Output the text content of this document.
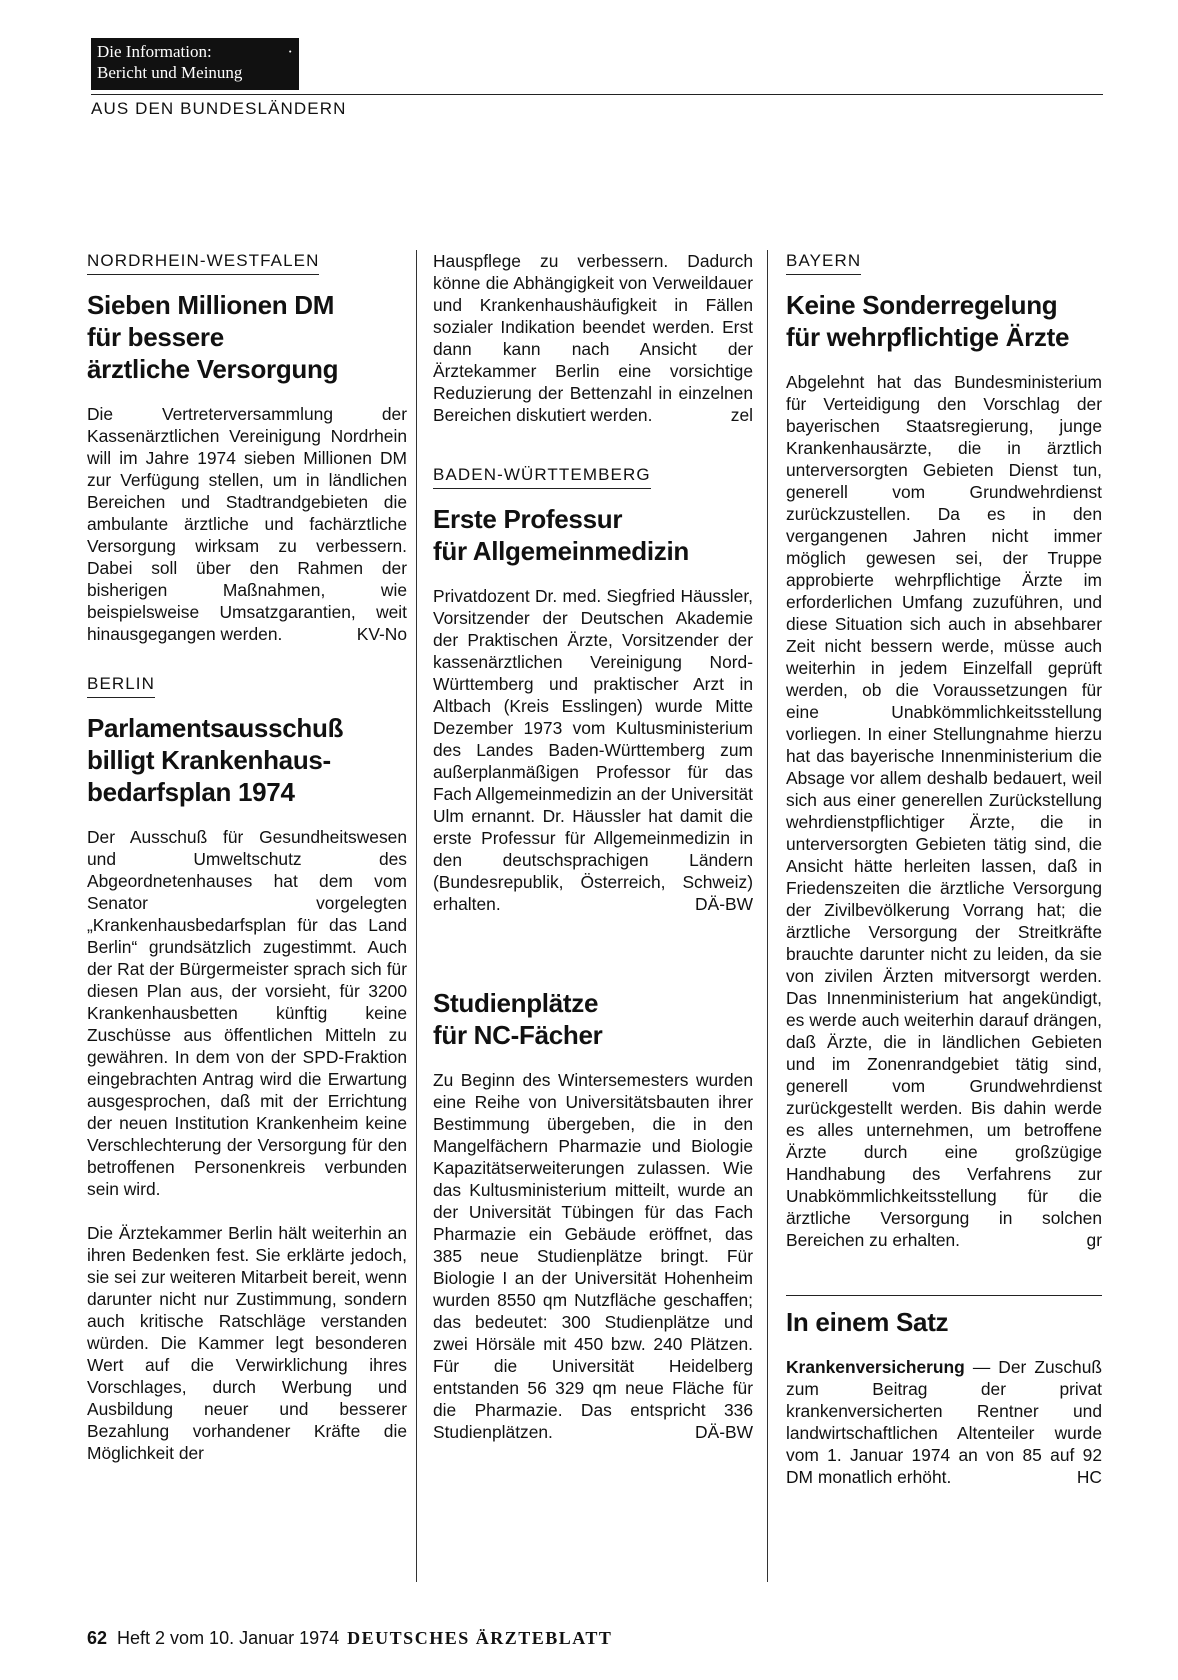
Die Information:	·
Bericht und Meinung
AUS DEN BUNDESLÄNDERN

NORDRHEIN-WESTFALEN

Sieben Millionen DM
für bessere
ärztliche Versorgung

Die Vertreterversammlung der Kassenärztlichen Vereinigung Nordrhein will im Jahre 1974 sieben Millionen DM zur Verfügung stellen, um in ländlichen Bereichen und Stadtrandgebieten die ambulante ärztliche und fachärztliche Versorgung wirksam zu verbessern. Dabei soll über den Rahmen der bisherigen Maßnahmen, wie beispielsweise Umsatzgarantien, weit hinausgegangen werden.	KV-No

BERLIN

Parlamentsausschuß
billigt Krankenhaus-
bedarfsplan 1974

Der Ausschuß für Gesundheitswesen und Umweltschutz des Abgeordnetenhauses hat dem vom Senator vorgelegten „Krankenhausbedarfsplan für das Land Berlin“ grundsätzlich zugestimmt. Auch der Rat der Bürgermeister sprach sich für diesen Plan aus, der vorsieht, für 3200 Krankenhausbetten künftig keine Zuschüsse aus öffentlichen Mitteln zu gewähren. In dem von der SPD-Fraktion eingebrachten Antrag wird die Erwartung ausgesprochen, daß mit der Errichtung der neuen Institution Krankenheim keine Verschlechterung der Versorgung für den betroffenen Personenkreis verbunden sein wird.

Die Ärztekammer Berlin hält weiterhin an ihren Bedenken fest. Sie erklärte jedoch, sie sei zur weiteren Mitarbeit bereit, wenn darunter nicht nur Zustimmung, sondern auch kritische Ratschläge verstanden würden. Die Kammer legt besonderen Wert auf die Verwirklichung ihres Vorschlages, durch Werbung und Ausbildung neuer und besserer Bezahlung vorhandener Kräfte die Möglichkeit der

Hauspflege zu verbessern. Dadurch könne die Abhängigkeit von Verweildauer und Krankenhaushäufigkeit in Fällen sozialer Indikation beendet werden. Erst dann kann nach Ansicht der Ärztekammer Berlin eine vorsichtige Reduzierung der Bettenzahl in einzelnen Bereichen diskutiert werden.	zel

BADEN-WÜRTTEMBERG

Erste Professur
für Allgemeinmedizin

Privatdozent Dr. med. Siegfried Häussler, Vorsitzender der Deutschen Akademie der Praktischen Ärzte, Vorsitzender der kassenärztlichen Vereinigung Nord-Württemberg und praktischer Arzt in Altbach (Kreis Esslingen) wurde Mitte Dezember 1973 vom Kultusministerium des Landes Baden-Württemberg zum außerplanmäßigen Professor für das Fach Allgemeinmedizin an der Universität Ulm ernannt. Dr. Häussler hat damit die erste Professur für Allgemeinmedizin in den deutschsprachigen Ländern (Bundesrepublik, Österreich, Schweiz) erhalten.	DÄ-BW

Studienplätze
für NC-Fächer

Zu Beginn des Wintersemesters wurden eine Reihe von Universitätsbauten ihrer Bestimmung übergeben, die in den Mangelfächern Pharmazie und Biologie Kapazitätserweiterungen zulassen. Wie das Kultusministerium mitteilt, wurde an der Universität Tübingen für das Fach Pharmazie ein Gebäude eröffnet, das 385 neue Studienplätze bringt. Für Biologie I an der Universität Hohenheim wurden 8550 qm Nutzfläche geschaffen; das bedeutet: 300 Studienplätze und zwei Hörsäle mit 450 bzw. 240 Plätzen. Für die Universität Heidelberg entstanden 56 329 qm neue Fläche für die Pharmazie. Das entspricht 336 Studienplätzen.	DÄ-BW

BAYERN

Keine Sonderregelung
für wehrpflichtige Ärzte

Abgelehnt hat das Bundesministerium für Verteidigung den Vorschlag der bayerischen Staatsregierung, junge Krankenhausärzte, die in ärztlich unterversorgten Gebieten Dienst tun, generell vom Grundwehrdienst zurückzustellen. Da es in den vergangenen Jahren nicht immer möglich gewesen sei, der Truppe approbierte wehrpflichtige Ärzte im erforderlichen Umfang zuzuführen, und diese Situation sich auch in absehbarer Zeit nicht bessern werde, müsse auch weiterhin in jedem Einzelfall geprüft werden, ob die Voraussetzungen für eine Unabkömmlichkeitsstellung vorliegen. In einer Stellungnahme hierzu hat das bayerische Innenministerium die Absage vor allem deshalb bedauert, weil sich aus einer generellen Zurückstellung wehrdienstpflichtiger Ärzte, die in unterversorgten Gebieten tätig sind, die Ansicht hätte herleiten lassen, daß in Friedenszeiten die ärztliche Versorgung der Zivilbevölkerung Vorrang hat; die ärztliche Versorgung der Streitkräfte brauchte darunter nicht zu leiden, da sie von zivilen Ärzten mitversorgt werden. Das Innenministerium hat angekündigt, es werde auch weiterhin darauf drängen, daß Ärzte, die in ländlichen Gebieten und im Zonenrandgebiet tätig sind, generell vom Grundwehrdienst zurückgestellt werden. Bis dahin werde es alles unternehmen, um betroffene Ärzte durch eine großzügige Handhabung des Verfahrens zur Unabkömmlichkeitsstellung für die ärztliche Versorgung in solchen Bereichen zu erhalten.	gr

In einem Satz

Krankenversicherung — Der Zuschuß zum Beitrag der privat krankenversicherten Rentner und landwirtschaftlichen Altenteiler wurde vom 1. Januar 1974 an von 85 auf 92 DM monatlich erhöht.	HC

62 Heft 2 vom 10. Januar 1974 DEUTSCHES ÄRZTEBLATT
